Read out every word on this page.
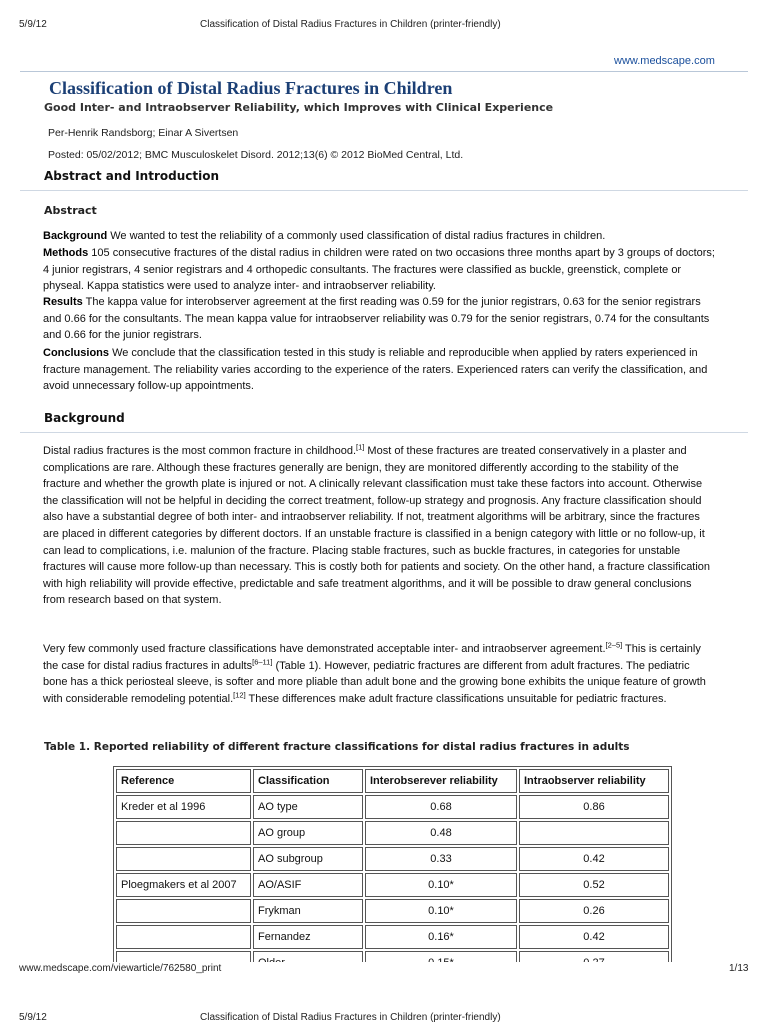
5/9/12	Classification of Distal Radius Fractures in Children (printer-friendly)
www.medscape.com
Classification of Distal Radius Fractures in Children
Good Inter- and Intraobserver Reliability, which Improves with Clinical Experience
Per-Henrik Randsborg; Einar A Sivertsen
Posted: 05/02/2012; BMC Musculoskelet Disord. 2012;13(6) © 2012 BioMed Central, Ltd.
Abstract and Introduction
Abstract
Background We wanted to test the reliability of a commonly used classification of distal radius fractures in children.
Methods 105 consecutive fractures of the distal radius in children were rated on two occasions three months apart by 3 groups of doctors; 4 junior registrars, 4 senior registrars and 4 orthopedic consultants. The fractures were classified as buckle, greenstick, complete or physeal. Kappa statistics were used to analyze inter- and intraobserver reliability.
Results The kappa value for interobserver agreement at the first reading was 0.59 for the junior registrars, 0.63 for the senior registrars and 0.66 for the consultants. The mean kappa value for intraobserver reliability was 0.79 for the senior registrars, 0.74 for the consultants and 0.66 for the junior registrars.
Conclusions We conclude that the classification tested in this study is reliable and reproducible when applied by raters experienced in fracture management. The reliability varies according to the experience of the raters. Experienced raters can verify the classification, and avoid unnecessary follow-up appointments.
Background
Distal radius fractures is the most common fracture in childhood.[1] Most of these fractures are treated conservatively in a plaster and complications are rare. Although these fractures generally are benign, they are monitored differently according to the stability of the fracture and whether the growth plate is injured or not. A clinically relevant classification must take these factors into account. Otherwise the classification will not be helpful in deciding the correct treatment, follow-up strategy and prognosis. Any fracture classification should also have a substantial degree of both inter- and intraobserver reliability. If not, treatment algorithms will be arbitrary, since the fractures are placed in different categories by different doctors. If an unstable fracture is classified in a benign category with little or no follow-up, it can lead to complications, i.e. malunion of the fracture. Placing stable fractures, such as buckle fractures, in categories for unstable fractures will cause more follow-up than necessary. This is costly both for patients and society. On the other hand, a fracture classification with high reliability will provide effective, predictable and safe treatment algorithms, and it will be possible to draw general conclusions from research based on that system.
Very few commonly used fracture classifications have demonstrated acceptable inter- and intraobserver agreement.[2–5] This is certainly the case for distal radius fractures in adults[6–11] (Table 1). However, pediatric fractures are different from adult fractures. The pediatric bone has a thick periosteal sleeve, is softer and more pliable than adult bone and the growing bone exhibits the unique feature of growth with considerable remodeling potential.[12] These differences make adult fracture classifications unsuitable for pediatric fractures.
Table 1. Reported reliability of different fracture classifications for distal radius fractures in adults
Reference	Classification	Interobserever reliability	Intraobserver reliability
Kreder et al 1996	AO type	0.68	0.86
	AO group	0.48	
	AO subgroup	0.33	0.42
Ploegmakers et al 2007	AO/ASIF	0.10*	0.52
	Frykman	0.10*	0.26
	Fernandez	0.16*	0.42

www.medscape.com/viewarticle/762580_print	1/13
5/9/12	Classification of Distal Radius Fractures in Children (printer-friendly)
